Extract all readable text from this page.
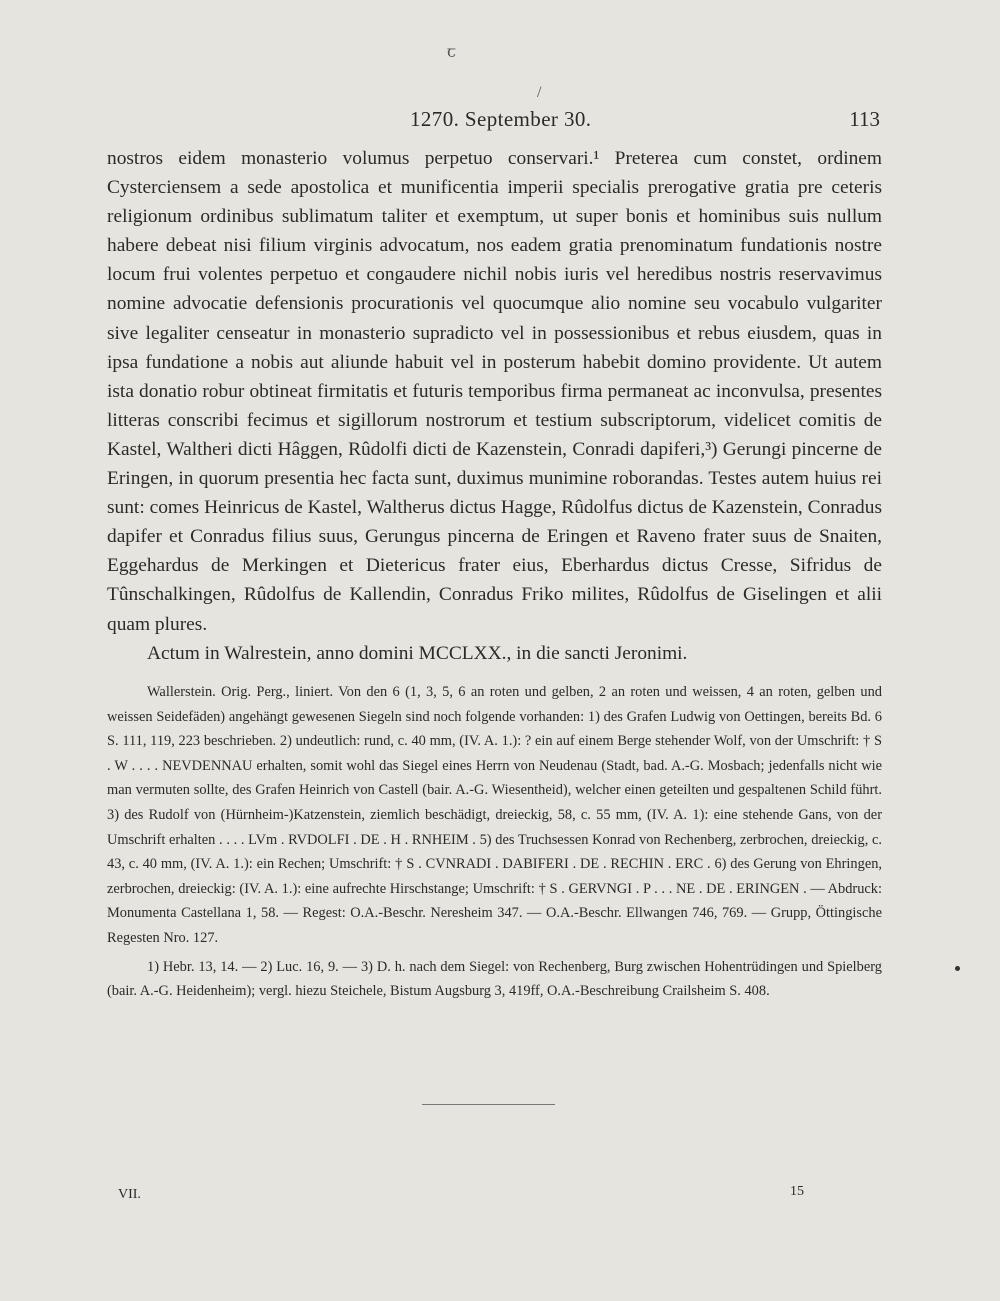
ꞇ
/
1270. September 30.	113

nostros eidem monasterio volumus perpetuo conservari.¹ Preterea cum constet, ordinem Cysterciensem a sede apostolica et munificentia imperii specialis prerogative gratia pre ceteris religionum ordinibus sublimatum taliter et exemptum, ut super bonis et hominibus suis nullum habere debeat nisi filium virginis advocatum, nos eadem gratia prenominatum fundationis nostre locum frui volentes perpetuo et congaudere nichil nobis iuris vel heredibus nostris reservavimus nomine advocatie defensionis procurationis vel quocumque alio nomine seu vocabulo vulgariter sive legaliter censeatur in monasterio supradicto vel in possessionibus et rebus eiusdem, quas in ipsa fundatione a nobis aut aliunde habuit vel in posterum habebit domino providente. Ut autem ista donatio robur obtineat firmitatis et futuris temporibus firma permaneat ac inconvulsa, presentes litteras conscribi fecimus et sigillorum nostrorum et testium subscriptorum, videlicet comitis de Kastel, Waltheri dicti Hâggen, Rûdolfi dicti de Kazenstein, Conradi dapiferi,³) Gerungi pincerne de Eringen, in quorum presentia hec facta sunt, duximus munimine roborandas. Testes autem huius rei sunt: comes Heinricus de Kastel, Waltherus dictus Hagge, Rûdolfus dictus de Kazenstein, Conradus dapifer et Conradus filius suus, Gerungus pincerna de Eringen et Raveno frater suus de Snaiten, Eggehardus de Merkingen et Dietericus frater eius, Eberhardus dictus Cresse, Sifridus de Tûnschalkingen, Rûdolfus de Kallendin, Conradus Friko milites, Rûdolfus de Giselingen et alii quam plures.

Actum in Walrestein, anno domini MCCLXX., in die sancti Jeronimi.

Wallerstein. Orig. Perg., liniert. Von den 6 (1, 3, 5, 6 an roten und gelben, 2 an roten und weissen, 4 an roten, gelben und weissen Seidefäden) angehängt gewesenen Siegeln sind noch folgende vorhanden: 1) des Grafen Ludwig von Oettingen, bereits Bd. 6 S. 111, 119, 223 beschrieben. 2) undeutlich: rund, c. 40 mm, (IV. A. 1.): ? ein auf einem Berge stehender Wolf, von der Umschrift: † S . W . . . . NEVDENNAU erhalten, somit wohl das Siegel eines Herrn von Neudenau (Stadt, bad. A.-G. Mosbach; jedenfalls nicht wie man vermuten sollte, des Grafen Heinrich von Castell (bair. A.-G. Wiesentheid), welcher einen geteilten und gespaltenen Schild führt. 3) des Rudolf von (Hürnheim-)Katzenstein, ziemlich beschädigt, dreieckig, 58, c. 55 mm, (IV. A. 1): eine stehende Gans, von der Umschrift erhalten . . . . LVm . RVDOLFI . DE . H . RNHEIM . 5) des Truchsessen Konrad von Rechenberg, zerbrochen, dreieckig, c. 43, c. 40 mm, (IV. A. 1.): ein Rechen; Umschrift: † S . CVNRADI . DABIFERI . DE . RECHIN . ERC . 6) des Gerung von Ehringen, zerbrochen, dreieckig: (IV. A. 1.): eine aufrechte Hirschstange; Umschrift: † S . GERVNGI . P . . . NE . DE . ERINGEN . — Abdruck: Monumenta Castellana 1, 58. — Regest: O.A.-Beschr. Neresheim 347. — O.A.-Beschr. Ellwangen 746, 769. — Grupp, Öttingische Regesten Nro. 127.

1) Hebr. 13, 14. — 2) Luc. 16, 9. — 3) D. h. nach dem Siegel: von Rechenberg, Burg zwischen Hohentrüdingen und Spielberg (bair. A.-G. Heidenheim); vergl. hiezu Steichele, Bistum Augsburg 3, 419ff, O.A.-Beschreibung Crailsheim S. 408.

VII.	15
